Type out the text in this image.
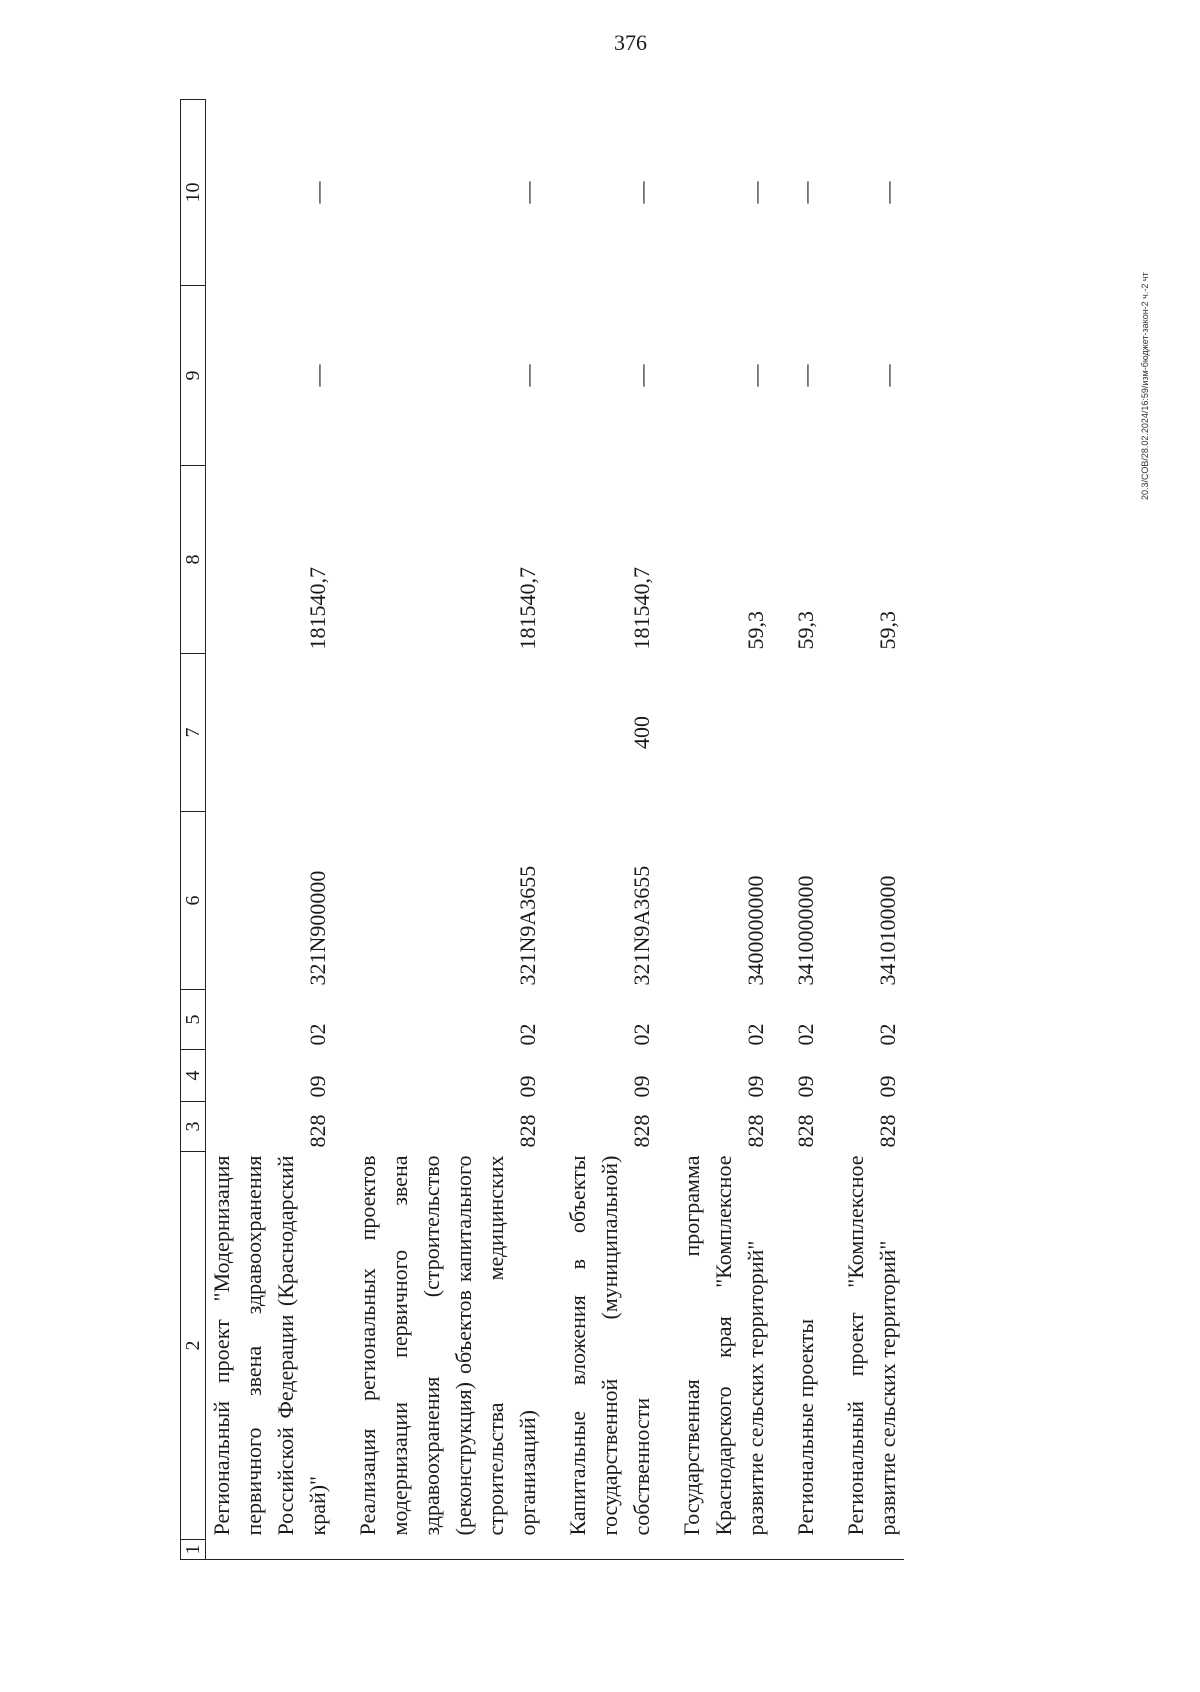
376
20.3/СОВ/28.02.2024/16:59/изм-бюджет-закон-2 ч.-2 чт
1	2	3	4	5	6	7	8	9	10
	Региональный проект "Модернизация первичного звена здравоохранения Российской Федерации (Краснодарский край)"	828	09	02	321N900000		181540,7	—	—

	Реализация региональных проектов модернизации первичного звена здравоохранения (строительство (реконструкция) объектов капитального строительства медицинских организаций)	828	09	02	321N9A3655		181540,7	—	—

	Капитальные вложения в объекты государственной (муниципальной) собственности	828	09	02	321N9A3655	400	181540,7	—	—

	Государственная программа Краснодарского края "Комплексное развитие сельских территорий"	828	09	02	3400000000		59,3	—	—

	Региональные проекты	828	09	02	3410000000		59,3	—	—

	Региональный проект "Комплексное развитие сельских территорий"	828	09	02	3410100000		59,3	—	—
